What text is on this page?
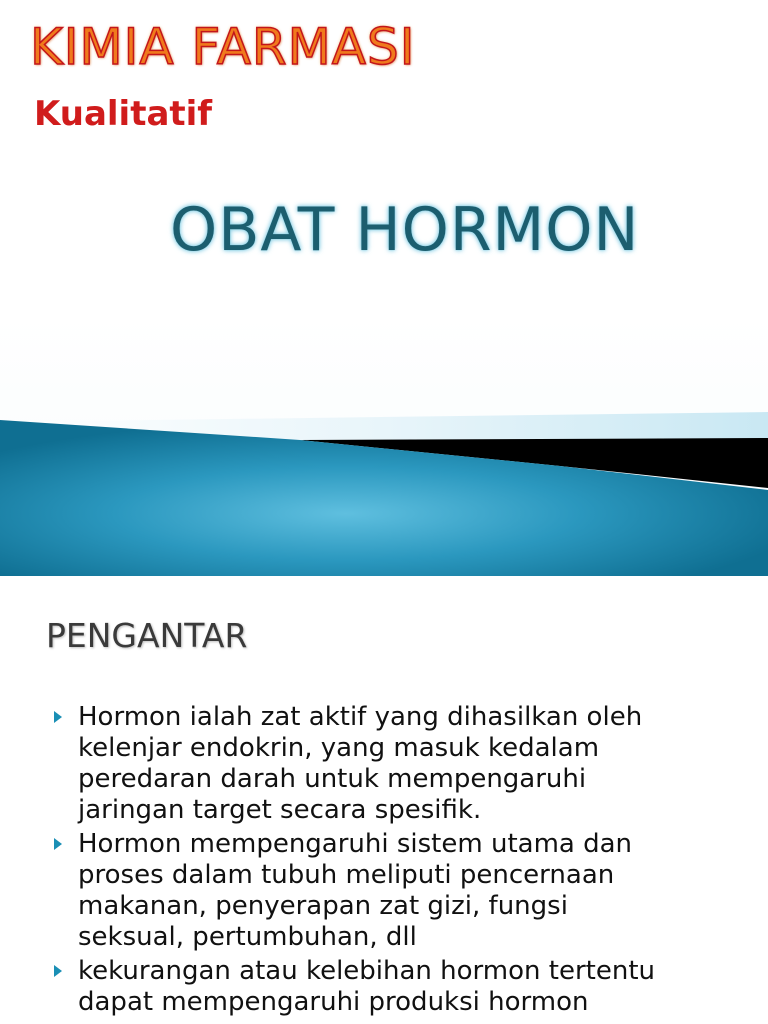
KIMIA FARMASI
Kualitatif
OBAT HORMON
PENGANTAR
Hormon ialah zat aktif yang dihasilkan oleh
kelenjar endokrin, yang masuk kedalam
peredaran darah untuk mempengaruhi
jaringan target secara spesifik.
Hormon mempengaruhi sistem utama dan
proses dalam tubuh meliputi pencernaan
makanan, penyerapan zat gizi, fungsi
seksual, pertumbuhan, dll
kekurangan atau kelebihan hormon tertentu
dapat mempengaruhi produksi hormon
